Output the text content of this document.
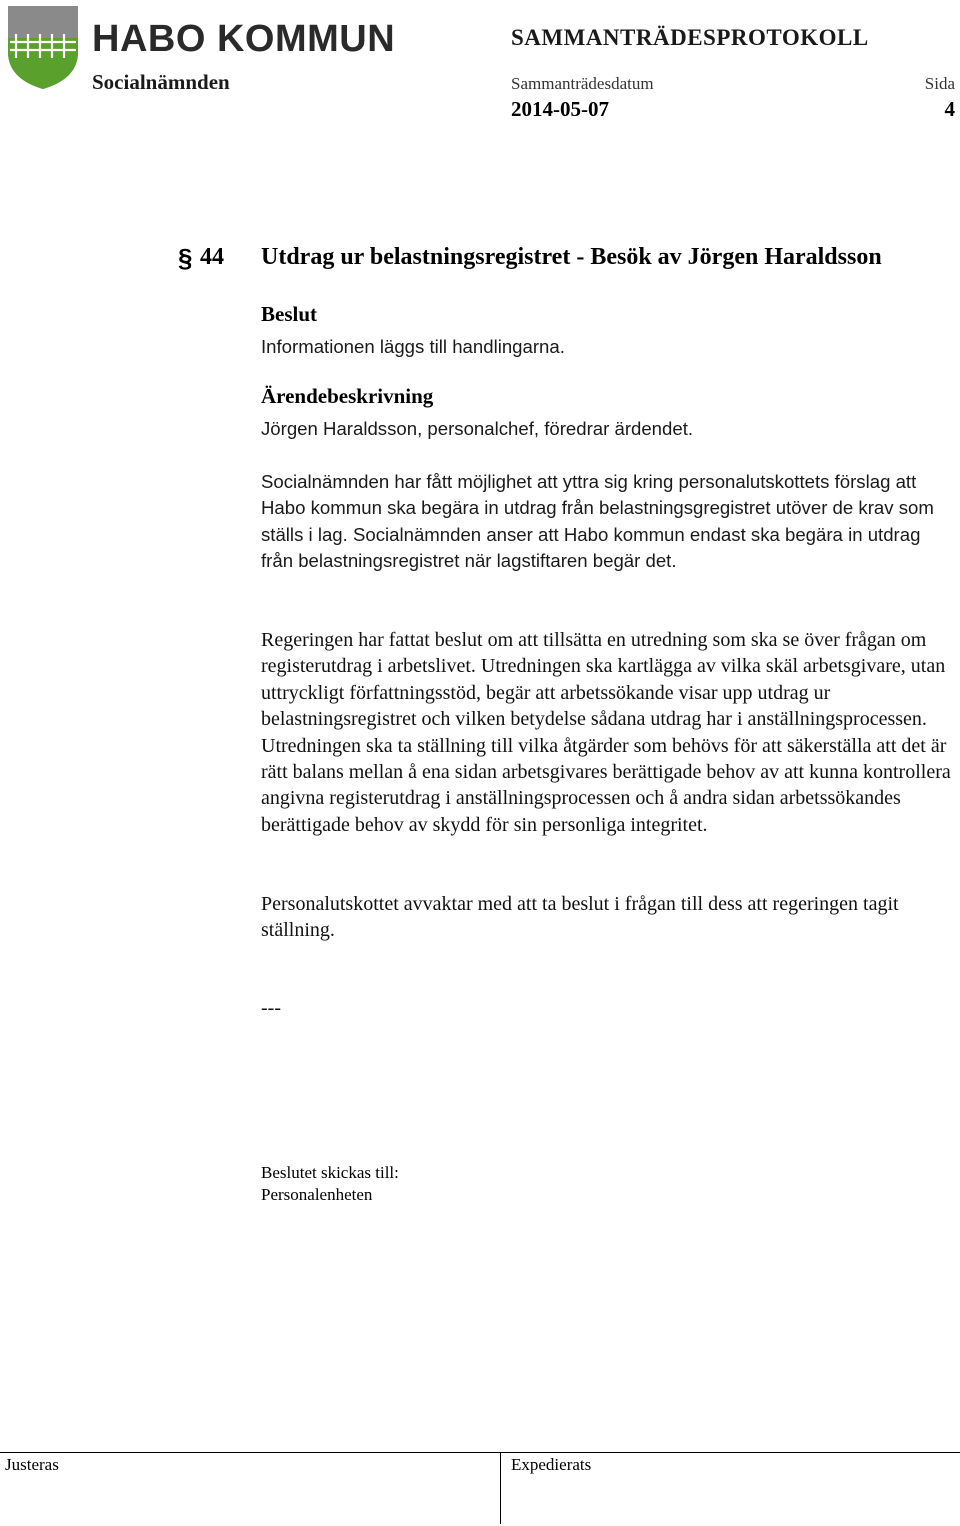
HABO KOMMUN
Socialnämnden
SAMMANTRÄDESPROTOKOLL
Sammanträdesdatum	Sida
2014-05-07	4
§ 44 Utdrag ur belastningsregistret - Besök av Jörgen Haraldsson
Beslut
Informationen läggs till handlingarna.
Ärendebeskrivning
Jörgen Haraldsson, personalchef, föredrar ärdendet.

Socialnämnden har fått möjlighet att yttra sig kring personalutskottets förslag att Habo kommun ska begära in utdrag från belastningsgregistret utöver de krav som ställs i lag. Socialnämnden anser att Habo kommun endast ska begära in utdrag från belastningsregistret när lagstiftaren begär det.

Regeringen har fattat beslut om att tillsätta en utredning som ska se över frågan om registerutdrag i arbetslivet. Utredningen ska kartlägga av vilka skäl arbetsgivare, utan uttryckligt författningsstöd, begär att arbetssökande visar upp utdrag ur belastningsregistret och vilken betydelse sådana utdrag har i anställningsprocessen. Utredningen ska ta ställning till vilka åtgärder som behövs för att säkerställa att det är rätt balans mellan å ena sidan arbetsgivares berättigade behov av att kunna kontrollera angivna registerutdrag i anställningsprocessen och å andra sidan arbetssökandes berättigade behov av skydd för sin personliga integritet.

Personalutskottet avvaktar med att ta beslut i frågan till dess att regeringen tagit ställning.

---
Beslutet skickas till:
Personalenheten
Justeras	Expedierats
